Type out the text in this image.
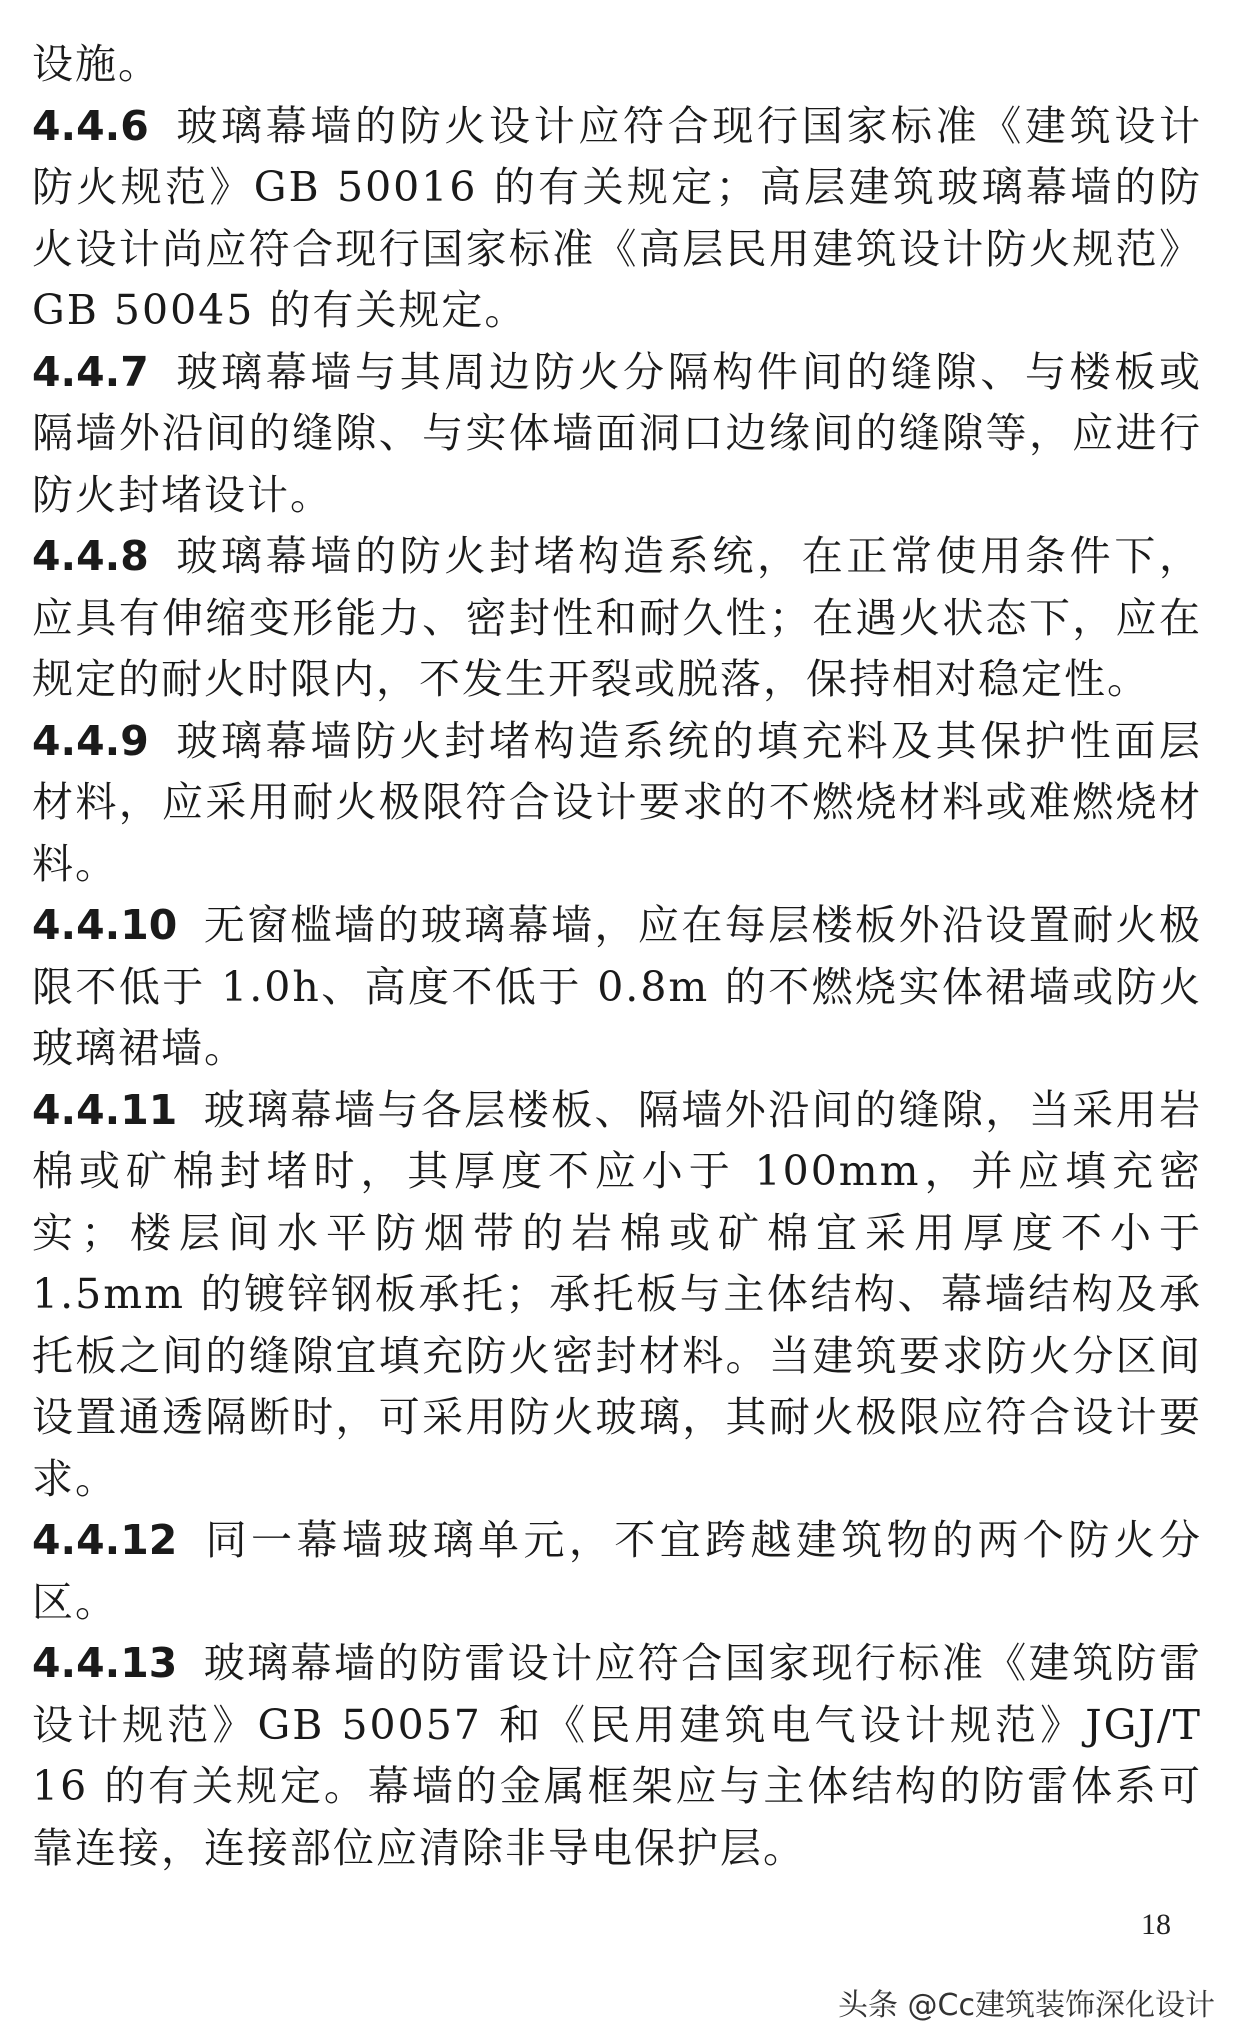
设施。

4.4.6 玻璃幕墙的防火设计应符合现行国家标准《建筑设计防火规范》GB 50016 的有关规定；高层建筑玻璃幕墙的防火设计尚应符合现行国家标准《高层民用建筑设计防火规范》GB 50045 的有关规定。

4.4.7 玻璃幕墙与其周边防火分隔构件间的缝隙、与楼板或隔墙外沿间的缝隙、与实体墙面洞口边缘间的缝隙等，应进行防火封堵设计。

4.4.8 玻璃幕墙的防火封堵构造系统，在正常使用条件下，应具有伸缩变形能力、密封性和耐久性；在遇火状态下，应在规定的耐火时限内，不发生开裂或脱落，保持相对稳定性。

4.4.9 玻璃幕墙防火封堵构造系统的填充料及其保护性面层材料，应采用耐火极限符合设计要求的不燃烧材料或难燃烧材料。

4.4.10 无窗槛墙的玻璃幕墙，应在每层楼板外沿设置耐火极限不低于 1.0h、高度不低于 0.8m 的不燃烧实体裙墙或防火玻璃裙墙。

4.4.11 玻璃幕墙与各层楼板、隔墙外沿间的缝隙，当采用岩棉或矿棉封堵时，其厚度不应小于 100mm，并应填充密实；楼层间水平防烟带的岩棉或矿棉宜采用厚度不小于 1.5mm 的镀锌钢板承托；承托板与主体结构、幕墙结构及承托板之间的缝隙宜填充防火密封材料。当建筑要求防火分区间设置通透隔断时，可采用防火玻璃，其耐火极限应符合设计要求。

4.4.12 同一幕墙玻璃单元，不宜跨越建筑物的两个防火分区。

4.4.13 玻璃幕墙的防雷设计应符合国家现行标准《建筑防雷设计规范》GB 50057 和《民用建筑电气设计规范》JGJ/T 16 的有关规定。幕墙的金属框架应与主体结构的防雷体系可靠连接，连接部位应清除非导电保护层。

18
头条 @Cc建筑装饰深化设计
